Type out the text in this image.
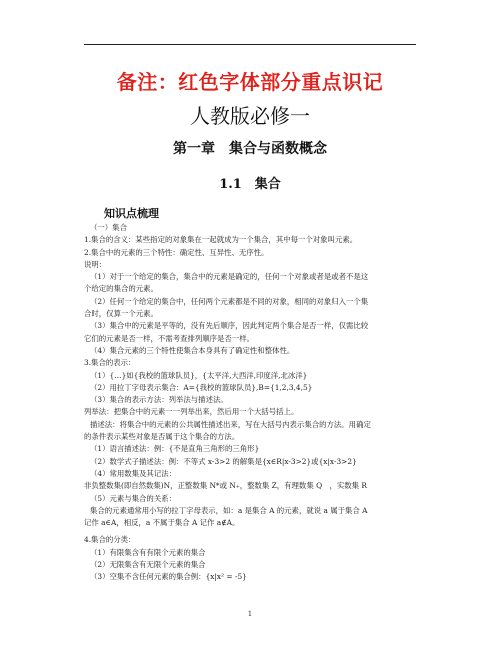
备注：红色字体部分重点识记
人教版必修一
第一章　集合与函数概念
1.1　集合
知识点梳理
（一）集合
1.集合的含义：某些指定的对象集在一起就成为一个集合，其中每一个对象叫元素。
2.集合中的元素的三个特性：确定性、互异性、无序性。
说明：
（1）对于一个给定的集合，集合中的元素是确定的，任何一个对象或者是或者不是这
个给定的集合的元素。
（2）任何一个给定的集合中，任何两个元素都是不同的对象，相同的对象归入一个集
合时，仅算一个元素。
（3）集合中的元素是平等的，没有先后顺序，因此判定两个集合是否一样，仅需比较
它们的元素是否一样，不需考查排列顺序是否一样。
（4）集合元素的三个特性使集合本身具有了确定性和整体性。
3.集合的表示：
（1）{…}如{我校的篮球队员}，{太平洋,大西洋,印度洋,北冰洋}
（2）用拉丁字母表示集合：A={我校的篮球队员},B={1,2,3,4,5}
（3）集合的表示方法：列举法与描述法。
列举法：把集合中的元素一一列举出来，然后用一个大括号括上。
描述法：将集合中的元素的公共属性描述出来，写在大括号内表示集合的方法。用确定
的条件表示某些对象是否属于这个集合的方法。
（1）语言描述法：例：{不是直角三角形的三角形}
（2）数学式子描述法：例：不等式 x-3>2 的解集是{x∈R|x-3>2}或{x|x-3>2}
（4）常用数集及其记法：
非负整数集(即自然数集)N，正整数集 N*或 N₊，整数集 Z，有理数集 Q　，实数集 R
（5）元素与集合的关系：
集合的元素通常用小写的拉丁字母表示，如：a 是集合 A 的元素，就说 a 属于集合 A
记作 a∈A，相反，a 不属于集合 A 记作 a∉A。
4.集合的分类：
（1）有限集含有有限个元素的集合
（2）无限集含有无限个元素的集合
（3）空集不含任何元素的集合例：{x|x² = -5}
1
